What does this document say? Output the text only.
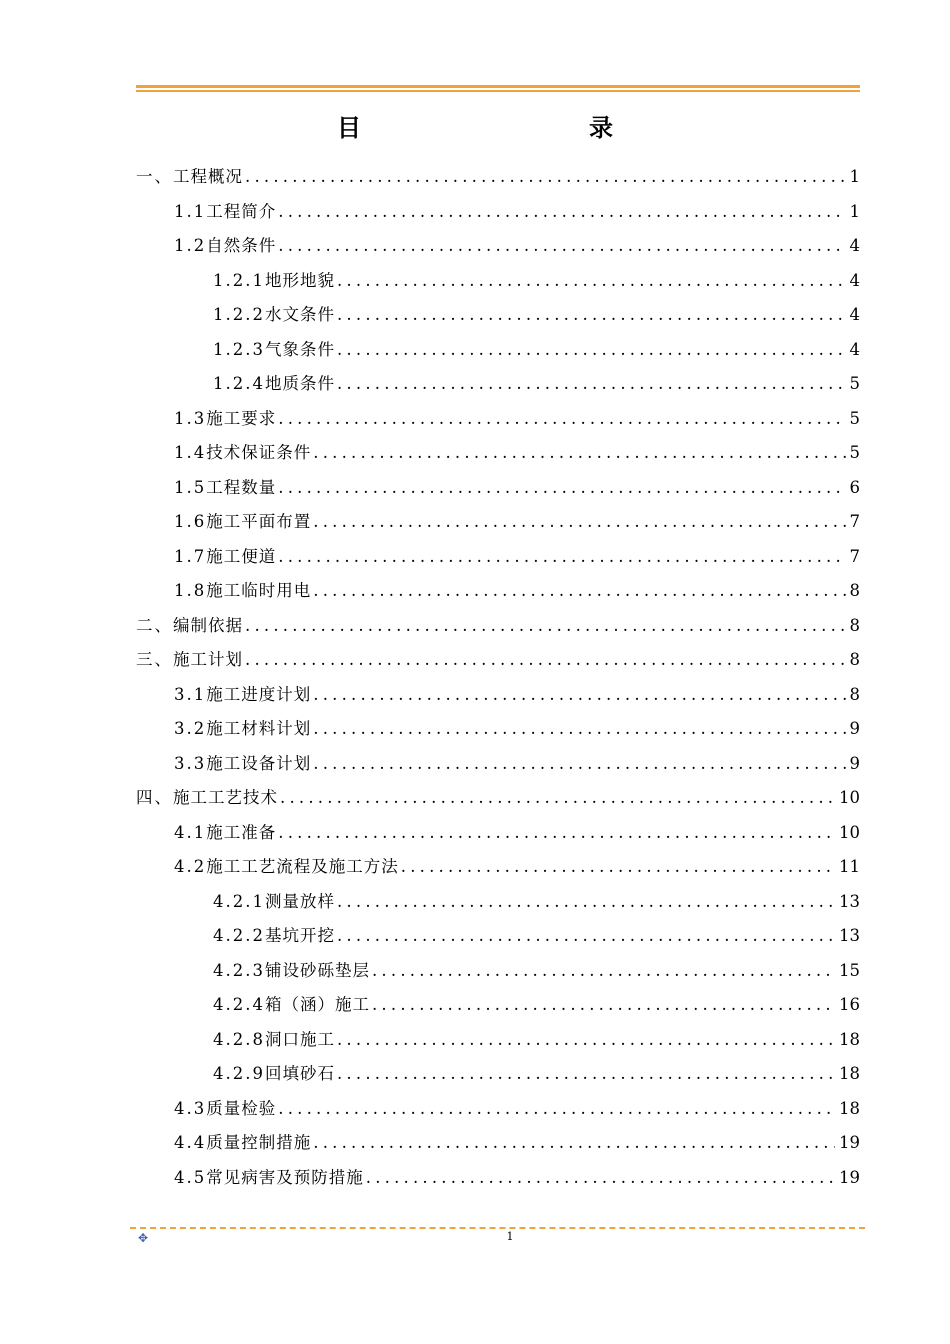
目　　录
一、 工程概况 .....	1
1.1 工程简介 .....	1
1.2 自然条件 .....	4
1.2.1 地形地貌 .....	4
1.2.2 水文条件 .....	4
1.2.3 气象条件 .....	4
1.2.4 地质条件 .....	5
1.3 施工要求 .....	5
1.4 技术保证条件 .....	5
1.5 工程数量 .....	6
1.6 施工平面布置 .....	7
1.7 施工便道 .....	7
1.8 施工临时用电 .....	8
二、 编制依据 .....	8
三、 施工计划 .....	8
3.1 施工进度计划 .....	8
3.2 施工材料计划 .....	9
3.3 施工设备计划 .....	9
四、 施工工艺技术 .....	10
4.1 施工准备 .....	10
4.2 施工工艺流程及施工方法 .....	11
4.2.1 测量放样 .....	13
4.2.2 基坑开挖 .....	13
4.2.3 铺设砂砾垫层 .....	15
4.2.4 箱（涵）施工 .....	16
4.2.8 洞口施工 .....	18
4.2.9 回填砂石 .....	18
4.3 质量检验 .....	18
4.4 质量控制措施 .....	19
4.5 常见病害及预防措施 .....	19
✥	1
